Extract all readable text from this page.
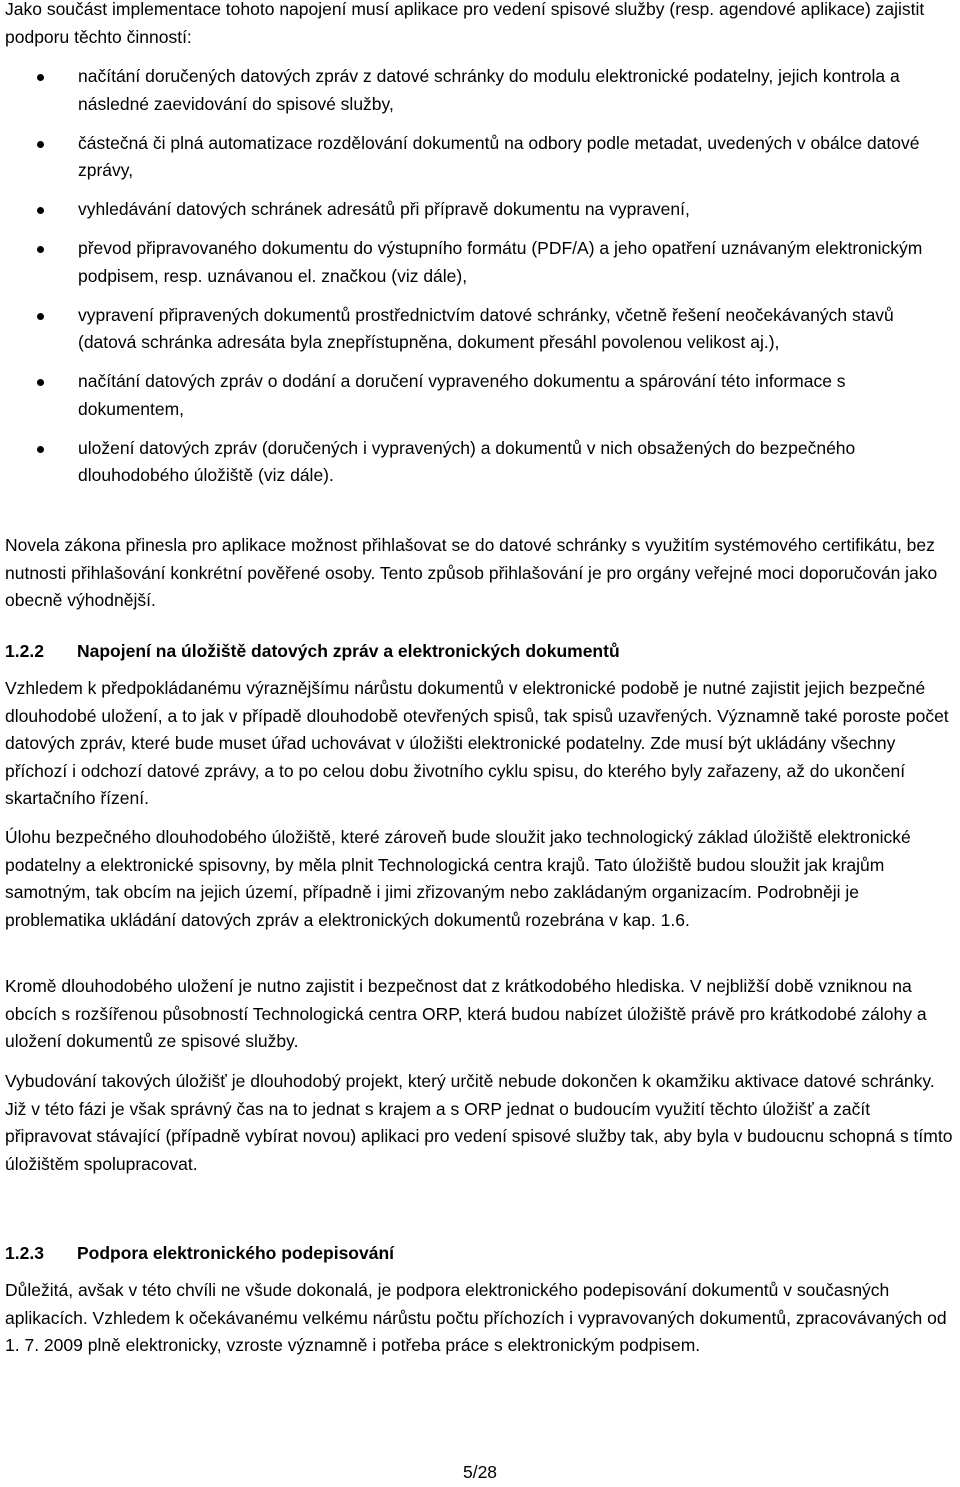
Jako součást implementace tohoto napojení musí aplikace pro vedení spisové služby (resp. agendové aplikace) zajistit podporu těchto činností:

načítání doručených datových zpráv z datové schránky do modulu elektronické podatelny, jejich kontrola a následné zaevidování do spisové služby,
částečná či plná automatizace rozdělování dokumentů na odbory podle metadat, uvedených v obálce datové zprávy,
vyhledávání datových schránek adresátů při přípravě dokumentu na vypravení,
převod připravovaného dokumentu do výstupního formátu (PDF/A) a jeho opatření uznávaným elektronickým podpisem, resp. uznávanou el. značkou (viz dále),
vypravení připravených dokumentů prostřednictvím datové schránky, včetně řešení neočekávaných stavů (datová schránka adresáta byla znepřístupněna, dokument přesáhl povolenou velikost aj.),
načítání datových zpráv o dodání a doručení vypraveného dokumentu a spárování této informace s dokumentem,
uložení datových zpráv (doručených i vypravených) a dokumentů v nich obsažených do bezpečného dlouhodobého úložiště (viz dále).

Novela zákona přinesla pro aplikace možnost přihlašovat se do datové schránky s využitím systémového certifikátu, bez nutnosti přihlašování konkrétní pověřené osoby. Tento způsob přihlašování je pro orgány veřejné moci doporučován jako obecně výhodnější.

1.2.2 Napojení na úložiště datových zpráv a elektronických dokumentů

Vzhledem k předpokládanému výraznějšímu nárůstu dokumentů v elektronické podobě je nutné zajistit jejich bezpečné dlouhodobé uložení, a to jak v případě dlouhodobě otevřených spisů, tak spisů uzavřených. Významně také poroste počet datových zpráv, které bude muset úřad uchovávat v úložišti elektronické podatelny. Zde musí být ukládány všechny příchozí i odchozí datové zprávy, a to po celou dobu životního cyklu spisu, do kterého byly zařazeny, až do ukončení skartačního řízení.

Úlohu bezpečného dlouhodobého úložiště, které zároveň bude sloužit jako technologický základ úložiště elektronické podatelny a elektronické spisovny, by měla plnit Technologická centra krajů. Tato úložiště budou sloužit jak krajům samotným, tak obcím na jejich území, případně i jimi zřizovaným nebo zakládaným organizacím. Podrobněji je problematika ukládání datových zpráv a elektronických dokumentů rozebrána v kap. 1.6.

Kromě dlouhodobého uložení je nutno zajistit i bezpečnost dat z krátkodobého hlediska. V nejbližší době vzniknou na obcích s rozšířenou působností Technologická centra ORP, která budou nabízet úložiště právě pro krátkodobé zálohy a uložení dokumentů ze spisové služby.

Vybudování takových úložišť je dlouhodobý projekt, který určitě nebude dokončen k okamžiku aktivace datové schránky. Již v této fázi je však správný čas na to jednat s krajem a s ORP jednat o budoucím využití těchto úložišť a začít připravovat stávající (případně vybírat novou) aplikaci pro vedení spisové služby tak, aby byla v budoucnu schopná s tímto úložištěm spolupracovat.

1.2.3 Podpora elektronického podepisování

Důležitá, avšak v této chvíli ne všude dokonalá, je podpora elektronického podepisování dokumentů v současných aplikacích. Vzhledem k očekávanému velkému nárůstu počtu příchozích i vypravovaných dokumentů, zpracovávaných od 1. 7. 2009 plně elektronicky, vzroste významně i potřeba práce s elektronickým podpisem.

5/28
